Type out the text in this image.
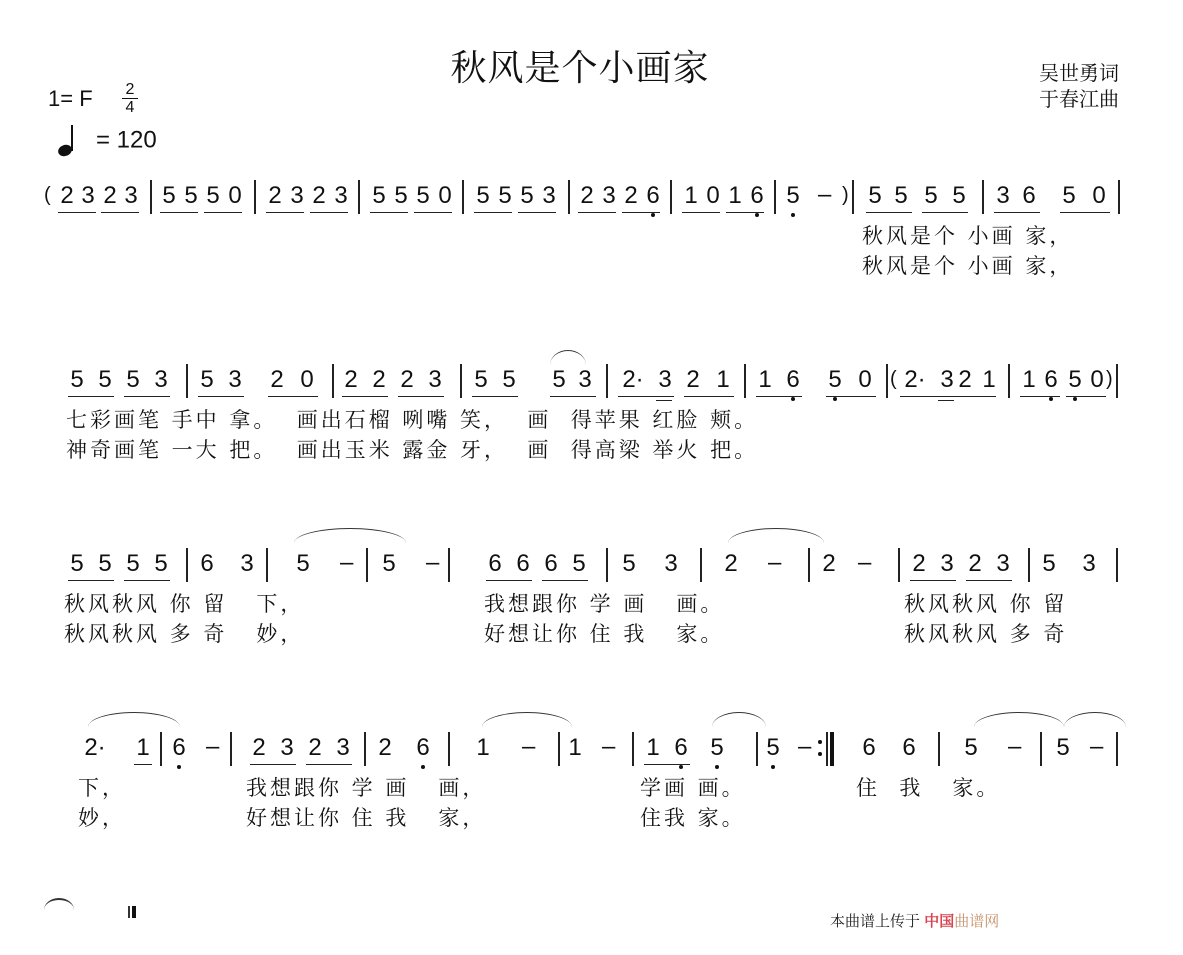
秋风是个小画家	吴世勇词
于春江曲
1= F 2
4
= 120
( 2 3 2 3 5 5 5 0 2 3 2 3 5 5 5 0 5 5 5 3 2 3 2 6 1 0 1 6 5 – ) 5 5 5 5 3 6 5 0
秋风是个 小画 家，
秋风是个 小画 家，
5 5 5 3 5 3 2 0 2 2 2 3 5 5 5 3 2· 3 2 1 1 6 5 0 ( 2· 3 2 1 1 6 5 0 )
七彩画笔 手中 拿。  画出石榴 咧嘴 笑，  画  得苹果 红脸 颊。
神奇画笔 一大 把。  画出玉米 露金 牙，  画  得高梁 举火 把。
5 5 5 5 6 3 5 – 5 – 6 6 6 5 5 3 2 – 2 – 2 3 2 3 5 3
秋风秋风 你 留   下，	我想跟你 学 画   画。	秋风秋风 你 留
秋风秋风 多 奇   妙，	好想让你 住 我   家。	秋风秋风 多 奇
2· 1 6 – 2 3 2 3 2 6 1 – 1 – 1 6 5 5 – 6 6 5 – 5 –
下，	我想跟你 学 画   画，	学画 画。	住  我   家。
妙，	好想让你 住 我   家，	住我 家。
本曲谱上传于 中国曲谱网
